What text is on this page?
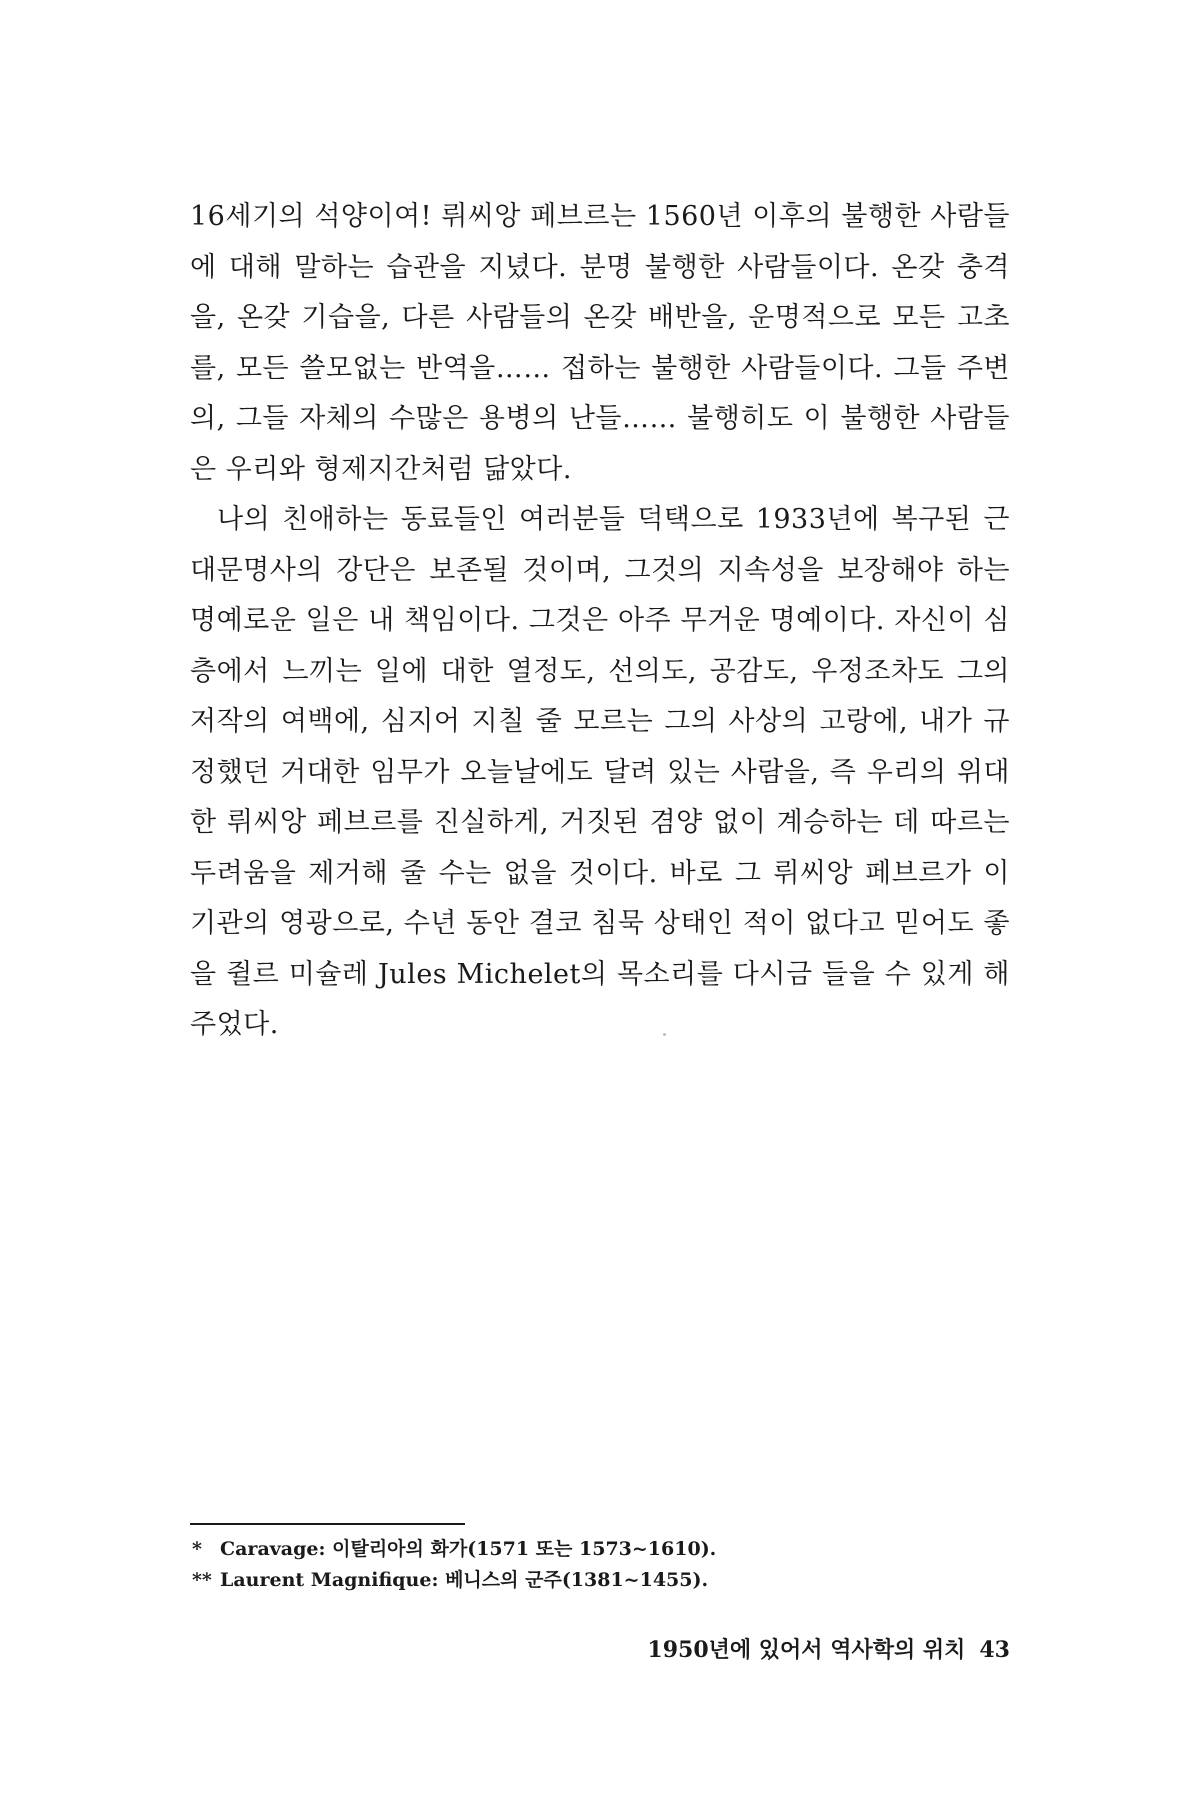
16세기의 석양이여! 뤼씨앙 페브르는 1560년 이후의 불행한 사람들에 대해 말하는 습관을 지녔다. 분명 불행한 사람들이다. 온갖 충격을, 온갖 기습을, 다른 사람들의 온갖 배반을, 운명적으로 모든 고초를, 모든 쓸모없는 반역을…… 접하는 불행한 사람들이다. 그들 주변의, 그들 자체의 수많은 용병의 난들…… 불행히도 이 불행한 사람들은 우리와 형제지간처럼 닮았다.

나의 친애하는 동료들인 여러분들 덕택으로 1933년에 복구된 근대문명사의 강단은 보존될 것이며, 그것의 지속성을 보장해야 하는 명예로운 일은 내 책임이다. 그것은 아주 무거운 명예이다. 자신이 심층에서 느끼는 일에 대한 열정도, 선의도, 공감도, 우정조차도 그의 저작의 여백에, 심지어 지칠 줄 모르는 그의 사상의 고랑에, 내가 규정했던 거대한 임무가 오늘날에도 달려 있는 사람을, 즉 우리의 위대한 뤼씨앙 페브르를 진실하게, 거짓된 겸양 없이 계승하는 데 따르는 두려움을 제거해 줄 수는 없을 것이다. 바로 그 뤼씨앙 페브르가 이 기관의 영광으로, 수년 동안 결코 침묵 상태인 적이 없다고 믿어도 좋을 쥘르 미슐레 Jules Michelet의 목소리를 다시금 들을 수 있게 해주었다.

* Caravage: 이탈리아의 화가(1571 또는 1573~1610).
** Laurent Magnifique: 베니스의 군주(1381~1455).
1950년에 있어서 역사학의 위치 43
